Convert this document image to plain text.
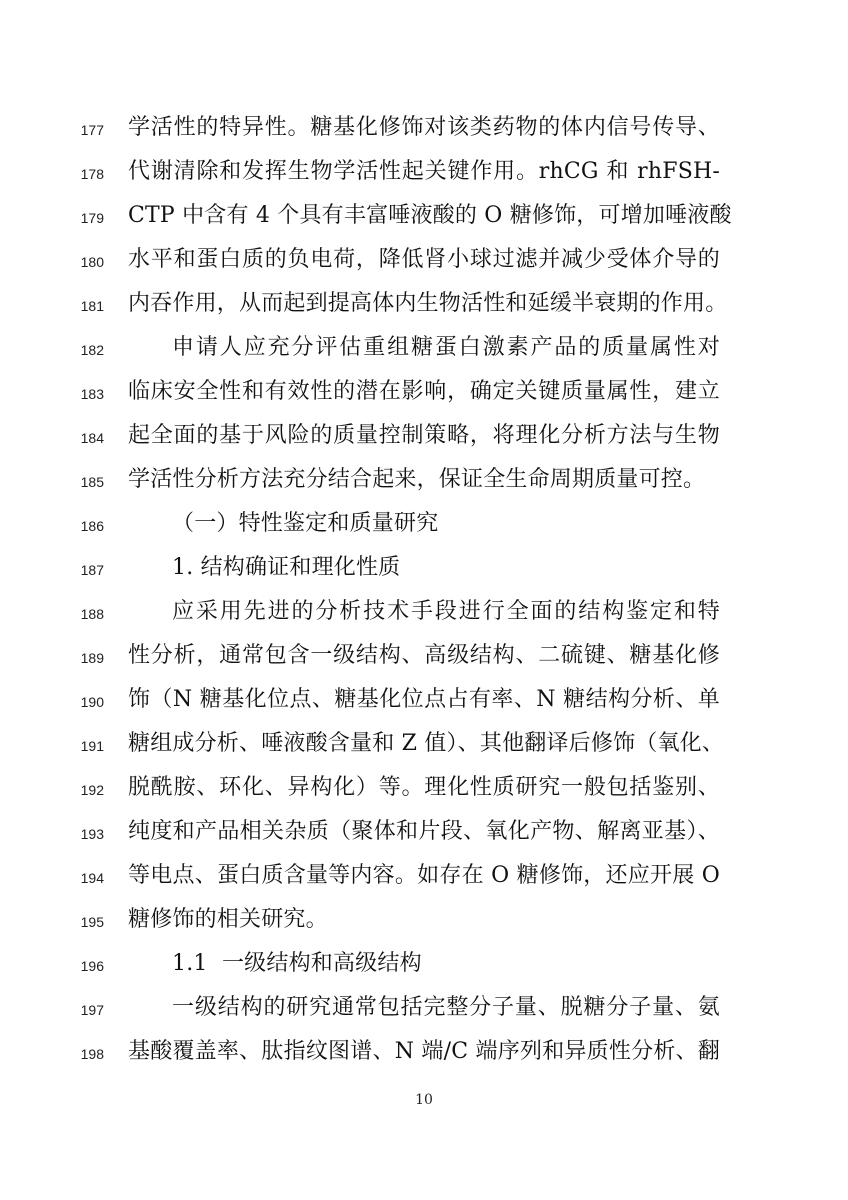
177 学活性的特异性。糖基化修饰对该类药物的体内信号传导、
178 代谢清除和发挥生物学活性起关键作用。rhCG 和 rhFSH-
179 CTP 中含有 4 个具有丰富唾液酸的 O 糖修饰，可增加唾液酸
180 水平和蛋白质的负电荷，降低肾小球过滤并减少受体介导的
181 内吞作用，从而起到提高体内生物活性和延缓半衰期的作用。
182	申请人应充分评估重组糖蛋白激素产品的质量属性对
183 临床安全性和有效性的潜在影响，确定关键质量属性，建立
184 起全面的基于风险的质量控制策略，将理化分析方法与生物
185 学活性分析方法充分结合起来，保证全生命周期质量可控。
186	（一）特性鉴定和质量研究
187	1. 结构确证和理化性质
188	应采用先进的分析技术手段进行全面的结构鉴定和特
189 性分析，通常包含一级结构、高级结构、二硫键、糖基化修
190 饰（N 糖基化位点、糖基化位点占有率、N 糖结构分析、单
191 糖组成分析、唾液酸含量和 Z 值）、其他翻译后修饰（氧化、
192 脱酰胺、环化、异构化）等。理化性质研究一般包括鉴别、
193 纯度和产品相关杂质（聚体和片段、氧化产物、解离亚基）、
194 等电点、蛋白质含量等内容。如存在 O 糖修饰，还应开展 O
195 糖修饰的相关研究。
196	1.1  一级结构和高级结构
197	一级结构的研究通常包括完整分子量、脱糖分子量、氨
198 基酸覆盖率、肽指纹图谱、N 端/C 端序列和异质性分析、翻
10
